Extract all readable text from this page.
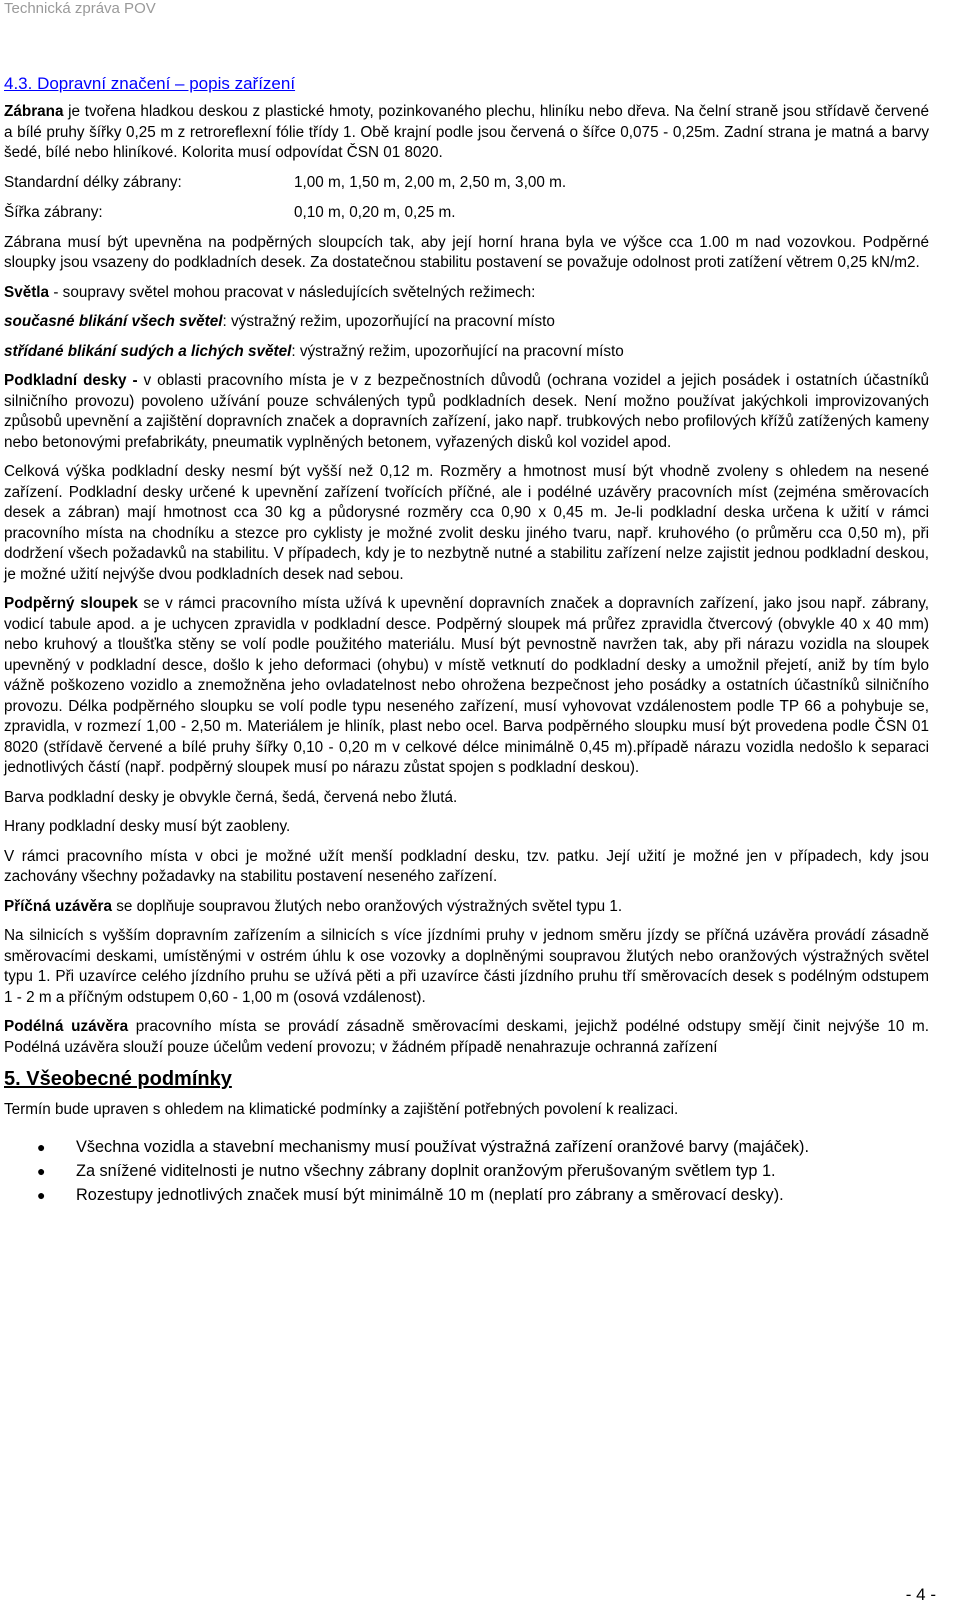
Technická zpráva POV
4.3. Dopravní značení – popis zařízení

Zábrana je tvořena hladkou deskou z plastické hmoty, pozinkovaného plechu, hliníku nebo dřeva. Na čelní straně jsou střídavě červené a bílé pruhy šířky 0,25 m z retroreflexní fólie třídy 1. Obě krajní podle jsou červená o šířce 0,075 - 0,25m. Zadní strana je matná a barvy šedé, bílé nebo hliníkové. Kolorita musí odpovídat ČSN 01 8020.

Standardní délky zábrany:	1,00 m, 1,50 m, 2,00 m, 2,50 m, 3,00 m.
Šířka zábrany:	0,10 m, 0,20 m, 0,25 m.

Zábrana musí být upevněna na podpěrných sloupcích tak, aby její horní hrana byla ve výšce cca 1.00 m nad vozovkou. Podpěrné sloupky jsou vsazeny do podkladních desek. Za dostatečnou stabilitu postavení se považuje odolnost proti zatížení větrem 0,25 kN/m2.

Světla - soupravy světel mohou pracovat v následujících světelných režimech:

současné blikání všech světel: výstražný režim, upozorňující na pracovní místo

střídané blikání sudých a lichých světel: výstražný režim, upozorňující na pracovní místo

Podkladní desky - v oblasti pracovního místa je v z bezpečnostních důvodů (ochrana vozidel a jejich posádek i ostatních účastníků silničního provozu) povoleno užívání pouze schválených typů podkladních desek. Není možno používat jakýchkoli improvizovaných způsobů upevnění a zajištění dopravních značek a dopravních zařízení, jako např. trubkových nebo profilových křížů zatížených kameny nebo betonovými prefabrikáty, pneumatik vyplněných betonem, vyřazených disků kol vozidel apod.

Celková výška podkladní desky nesmí být vyšší než 0,12 m. Rozměry a hmotnost musí být vhodně zvoleny s ohledem na nesené zařízení. Podkladní desky určené k upevnění zařízení tvořících příčné, ale i podélné uzávěry pracovních míst (zejména směrovacích desek a zábran) mají hmotnost cca 30 kg a půdorysné rozměry cca 0,90 x 0,45 m. Je-li podkladní deska určena k užití v rámci pracovního místa na chodníku a stezce pro cyklisty je možné zvolit desku jiného tvaru, např. kruhového (o průměru cca 0,50 m), při dodržení všech požadavků na stabilitu. V případech, kdy je to nezbytně nutné a stabilitu zařízení nelze zajistit jednou podkladní deskou, je možné užití nejvýše dvou podkladních desek nad sebou.

Podpěrný sloupek se v rámci pracovního místa užívá k upevnění dopravních značek a dopravních zařízení, jako jsou např. zábrany, vodicí tabule apod. a je uchycen zpravidla v podkladní desce. Podpěrný sloupek má průřez zpravidla čtvercový (obvykle 40 x 40 mm) nebo kruhový a tloušťka stěny se volí podle použitého materiálu. Musí být pevnostně navržen tak, aby při nárazu vozidla na sloupek upevněný v podkladní desce, došlo k jeho deformaci (ohybu) v místě vetknutí do podkladní desky a umožnil přejetí, aniž by tím bylo vážně poškozeno vozidlo a znemožněna jeho ovladatelnost nebo ohrožena bezpečnost jeho posádky a ostatních účastníků silničního provozu. Délka podpěrného sloupku se volí podle typu neseného zařízení, musí vyhovovat vzdálenostem podle TP 66 a pohybuje se, zpravidla, v rozmezí 1,00 - 2,50 m. Materiálem je hliník, plast nebo ocel. Barva podpěrného sloupku musí být provedena podle ČSN 01 8020 (střídavě červené a bílé pruhy šířky 0,10 - 0,20 m v celkové délce minimálně 0,45 m).případě nárazu vozidla nedošlo k separaci jednotlivých částí (např. podpěrný sloupek musí po nárazu zůstat spojen s podkladní deskou).

Barva podkladní desky je obvykle černá, šedá, červená nebo žlutá.

Hrany podkladní desky musí být zaobleny.

V rámci pracovního místa v obci je možné užít menší podkladní desku, tzv. patku. Její užití je možné jen v případech, kdy jsou zachovány všechny požadavky na stabilitu postavení neseného zařízení.

Příčná uzávěra se doplňuje soupravou žlutých nebo oranžových výstražných světel typu 1.

Na silnicích s vyšším dopravním zařízením a silnicích s více jízdními pruhy v jednom směru jízdy se příčná uzávěra provádí zásadně směrovacími deskami, umístěnými v ostrém úhlu k ose vozovky a doplněnými soupravou žlutých nebo oranžových výstražných světel typu 1. Při uzavírce celého jízdního pruhu se užívá pěti a při uzavírce části jízdního pruhu tří směrovacích desek s podélným odstupem 1 - 2 m a příčným odstupem 0,60 - 1,00 m (osová vzdálenost).

Podélná uzávěra pracovního místa se provádí zásadně směrovacími deskami, jejichž podélné odstupy smějí činit nejvýše 10 m. Podélná uzávěra slouží pouze účelům vedení provozu; v žádném případě nenahrazuje ochranná zařízení

5. Všeobecné podmínky

Termín bude upraven s ohledem na klimatické podmínky a zajištění potřebných povolení k realizaci.

● Všechna vozidla a stavební mechanismy musí používat výstražná zařízení oranžové barvy (majáček).
● Za snížené viditelnosti je nutno všechny zábrany doplnit oranžovým přerušovaným světlem typ 1.
● Rozestupy jednotlivých značek musí být minimálně 10 m (neplatí pro zábrany a směrovací desky).
- 4 -
